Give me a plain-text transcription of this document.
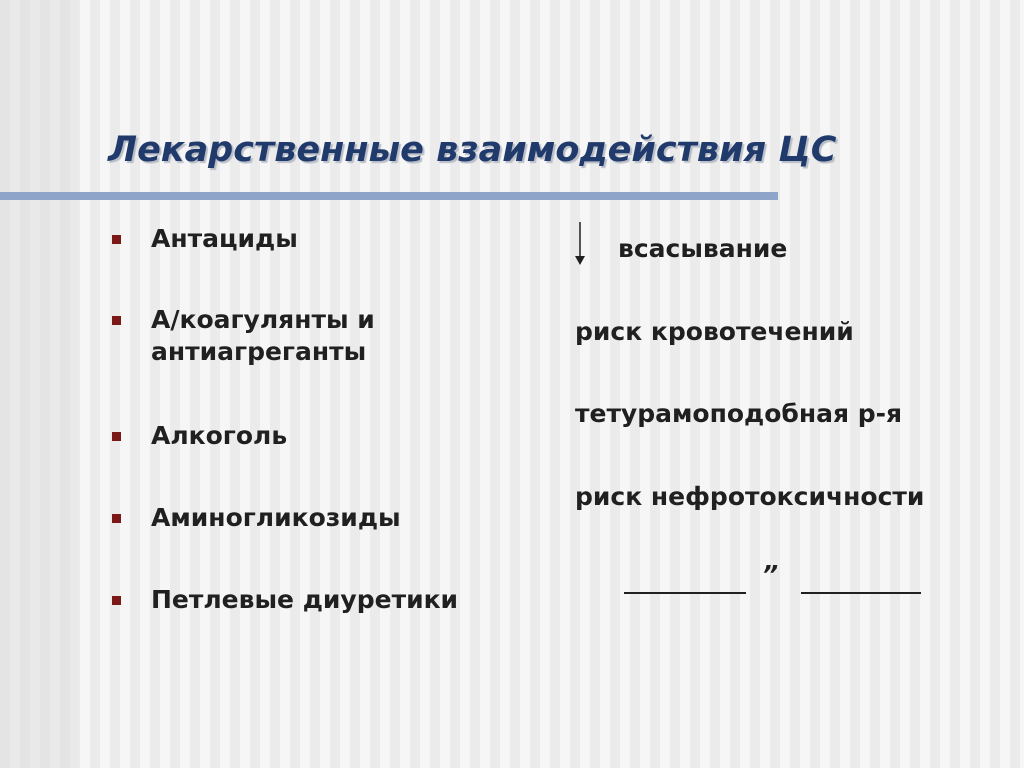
Лекарственные взаимодействия ЦС
Антациды
А/коагулянты и
антиагреганты
Алкоголь
Аминогликозиды
Петлевые диуретики
всасывание
риск кровотечений
тетурамоподобная р-я
риск нефротоксичности
”
